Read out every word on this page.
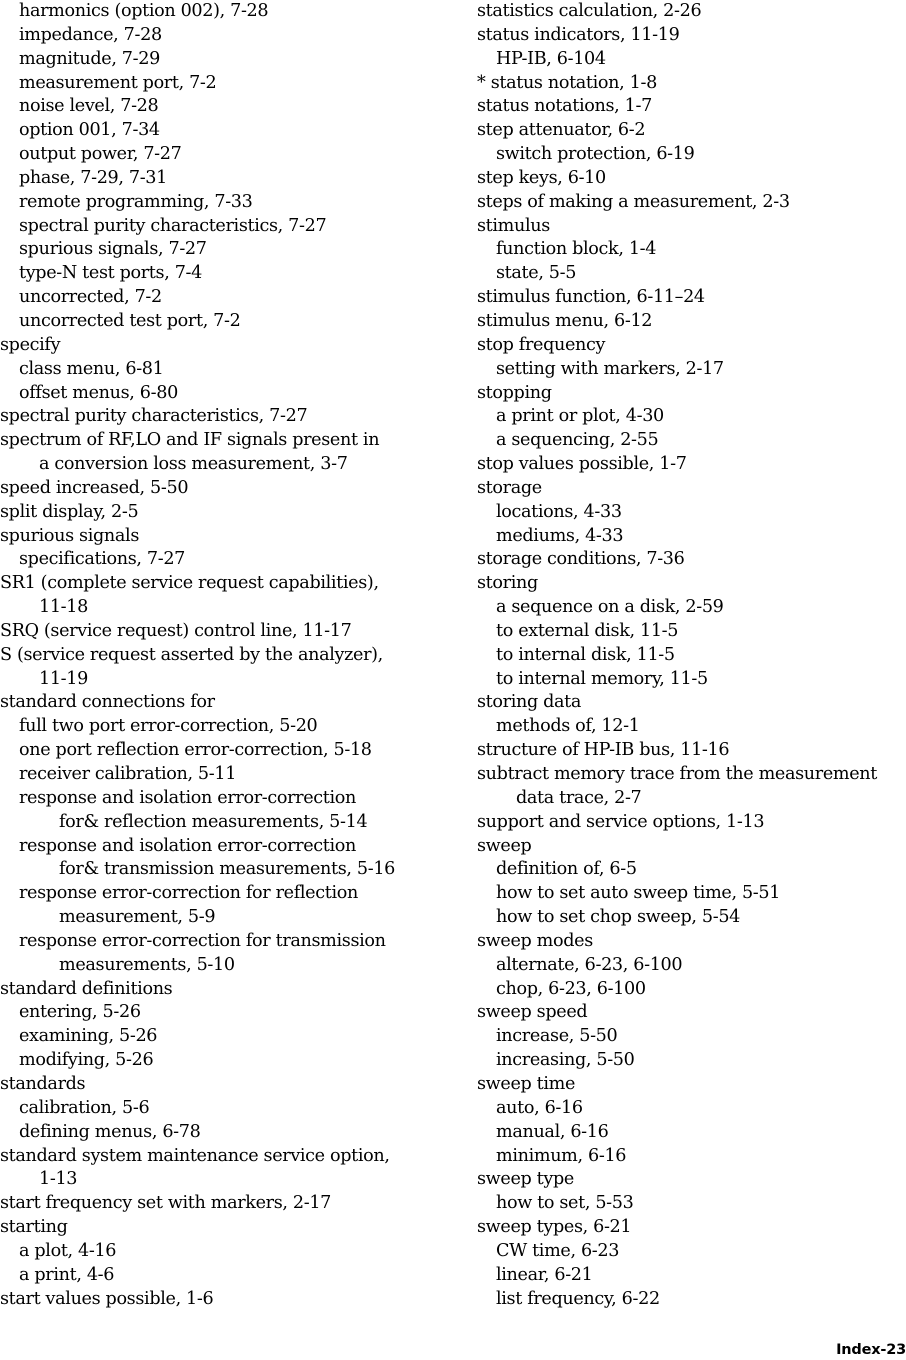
harmonics (option 002), 7-28
impedance, 7-28
magnitude, 7-29
measurement port, 7-2
noise level, 7-28
option 001, 7-34
output power, 7-27
phase, 7-29, 7-31
remote programming, 7-33
spectral purity characteristics, 7-27
spurious signals, 7-27
type-N test ports, 7-4
uncorrected, 7-2
uncorrected test port, 7-2
specify
class menu, 6-81
offset menus, 6-80
spectral purity characteristics, 7-27
spectrum of RF,LO and IF signals present in
a conversion loss measurement, 3-7
speed increased, 5-50
split display, 2-5
spurious signals
specifications, 7-27
SR1 (complete service request capabilities),
11-18
SRQ (service request) control line, 11-17
S (service request asserted by the analyzer),
11-19
standard connections for
full two port error-correction, 5-20
one port reflection error-correction, 5-18
receiver calibration, 5-11
response and isolation error-correction
for& reflection measurements, 5-14
response and isolation error-correction
for& transmission measurements, 5-16
response error-correction for reflection
measurement, 5-9
response error-correction for transmission
measurements, 5-10
standard definitions
entering, 5-26
examining, 5-26
modifying, 5-26
standards
calibration, 5-6
defining menus, 6-78
standard system maintenance service option,
1-13
start frequency set with markers, 2-17
starting
a plot, 4-16
a print, 4-6
start values possible, 1-6
statistics calculation, 2-26
status indicators, 11-19
HP-IB, 6-104
* status notation, 1-8
status notations, 1-7
step attenuator, 6-2
switch protection, 6-19
step keys, 6-10
steps of making a measurement, 2-3
stimulus
function block, 1-4
state, 5-5
stimulus function, 6-11–24
stimulus menu, 6-12
stop frequency
setting with markers, 2-17
stopping
a print or plot, 4-30
a sequencing, 2-55
stop values possible, 1-7
storage
locations, 4-33
mediums, 4-33
storage conditions, 7-36
storing
a sequence on a disk, 2-59
to external disk, 11-5
to internal disk, 11-5
to internal memory, 11-5
storing data
methods of, 12-1
structure of HP-IB bus, 11-16
subtract memory trace from the measurement
data trace, 2-7
support and service options, 1-13
sweep
definition of, 6-5
how to set auto sweep time, 5-51
how to set chop sweep, 5-54
sweep modes
alternate, 6-23, 6-100
chop, 6-23, 6-100
sweep speed
increase, 5-50
increasing, 5-50
sweep time
auto, 6-16
manual, 6-16
minimum, 6-16
sweep type
how to set, 5-53
sweep types, 6-21
CW time, 6-23
linear, 6-21
list frequency, 6-22
Index-23
